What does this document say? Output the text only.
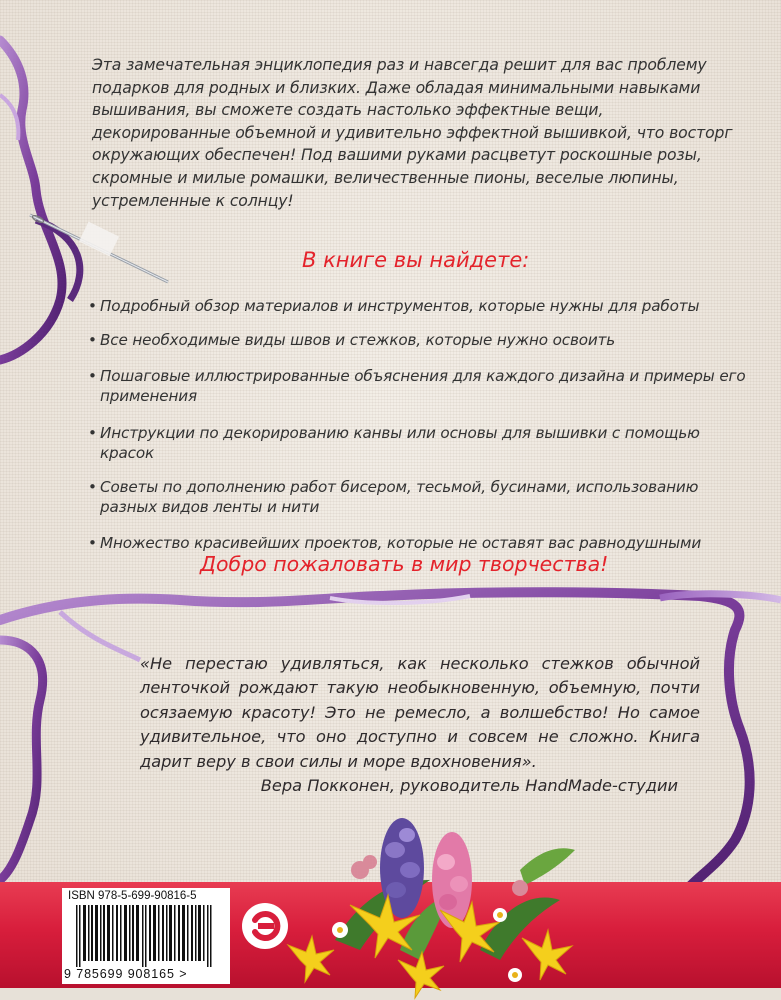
Эта замечательная энциклопедия раз и навсегда решит для вас проблему подарков для родных и близких. Даже обладая минимальными навыками вышивания, вы сможете создать настолько эффектные вещи, декорированные объемной и удивительно эффектной вышивкой, что восторг окружающих обеспечен! Под вашими руками расцветут роскошные розы, скромные и милые ромашки, величественные пионы, веселые люпины, устремленные к солнцу!
В книге вы найдете:
• Подробный обзор материалов и инструментов, которые нужны для работы
• Все необходимые виды швов и стежков, которые нужно освоить
• Пошаговые иллюстрированные объяснения для каждого дизайна и примеры его применения
• Инструкции по декорированию канвы или основы для вышивки с помощью красок
• Советы по дополнению работ бисером, тесьмой, бусинами, использованию разных видов ленты и нити
• Множество красивейших проектов, которые не оставят вас равнодушными
Добро пожаловать в мир творчества!
«Не перестаю удивляться, как несколько стежков обычной ленточкой рождают такую необыкновенную, объемную, почти осязаемую красоту! Это не ремесло, а волшебство! Но самое удивительное, что оно доступно и совсем не сложно. Книга дарит веру в свои силы и море вдохновения».
Вера Покконен, руководитель HandMade-студии
ISBN 978-5-699-90816-5
9 785699 908165 >
